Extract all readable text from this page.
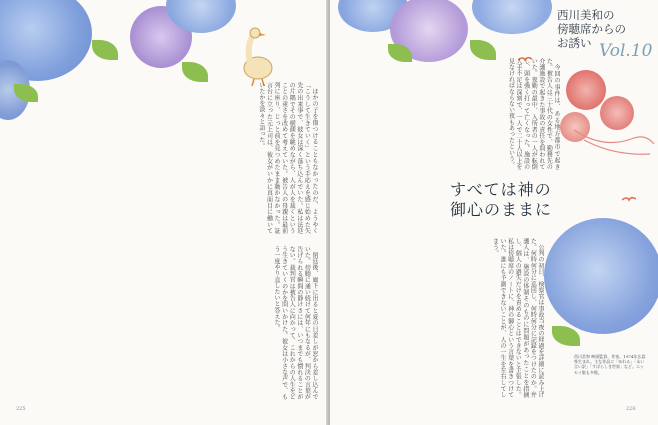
ほかの子を傷つけることもなかったのだ、ようやく「こうして生きていく」という手応えを感じ始めた矢先の出来事で、彼女は深く落ち込んでいた。私は法廷の片隅でその横顔を眺めながら、人が人を裁くということの重さを改めて考えていた。被告人の母親は最前列に座り、じっと前を見つめたまま動かなかった。証言台に立った元上司は、彼女がいかに真面目に働いていたかを淡々と語った。

閉廷後、廊下に出ると夏の日差しが窓から差し込んでいた。傍聴に通い続けて何年にもなるが、判決の言葉が告げられる瞬間の静けさには、いつまでも慣れることがない。裁判官は被告人に向かって、これからの人生をどう生きていくのかを問いかけた。彼女は小さな声で、もう一度やり直したいと答えた。

225

今回の事件は、ある地方都市で起きた。被告人は三十代の女性で、勤務先の介護施設で起きた事故の責任を問われていた。夜勤の最中、入所者の一人が転倒し、頭を強く打って亡くなった。施設の人手不足は深刻で、一人で二十人以上を見なければならない夜もあったという。

公判の初日、検察官は事故当夜の経過を詳細に読み上げた。何時何分に巡回し、何時何分に記録をつけたのか。弁護人は、施設の体制そのものに問題があったことを指摘し、個人の過失だけを責めることはできないと主張した。私は傍聴席のノートに、神の御心という言葉を書きつけていた。誰にも予測できないことが、人の一生を左右してしまう。

226
西川美和の
傍聴席からの
お誘い Vol.10
すべては神の
御心のままに
西川美和 映画監督、作家。1974年広島県生まれ。主な作品に「ゆれる」「永い言い訳」「すばらしき世界」など。エッセイ集も多数。
